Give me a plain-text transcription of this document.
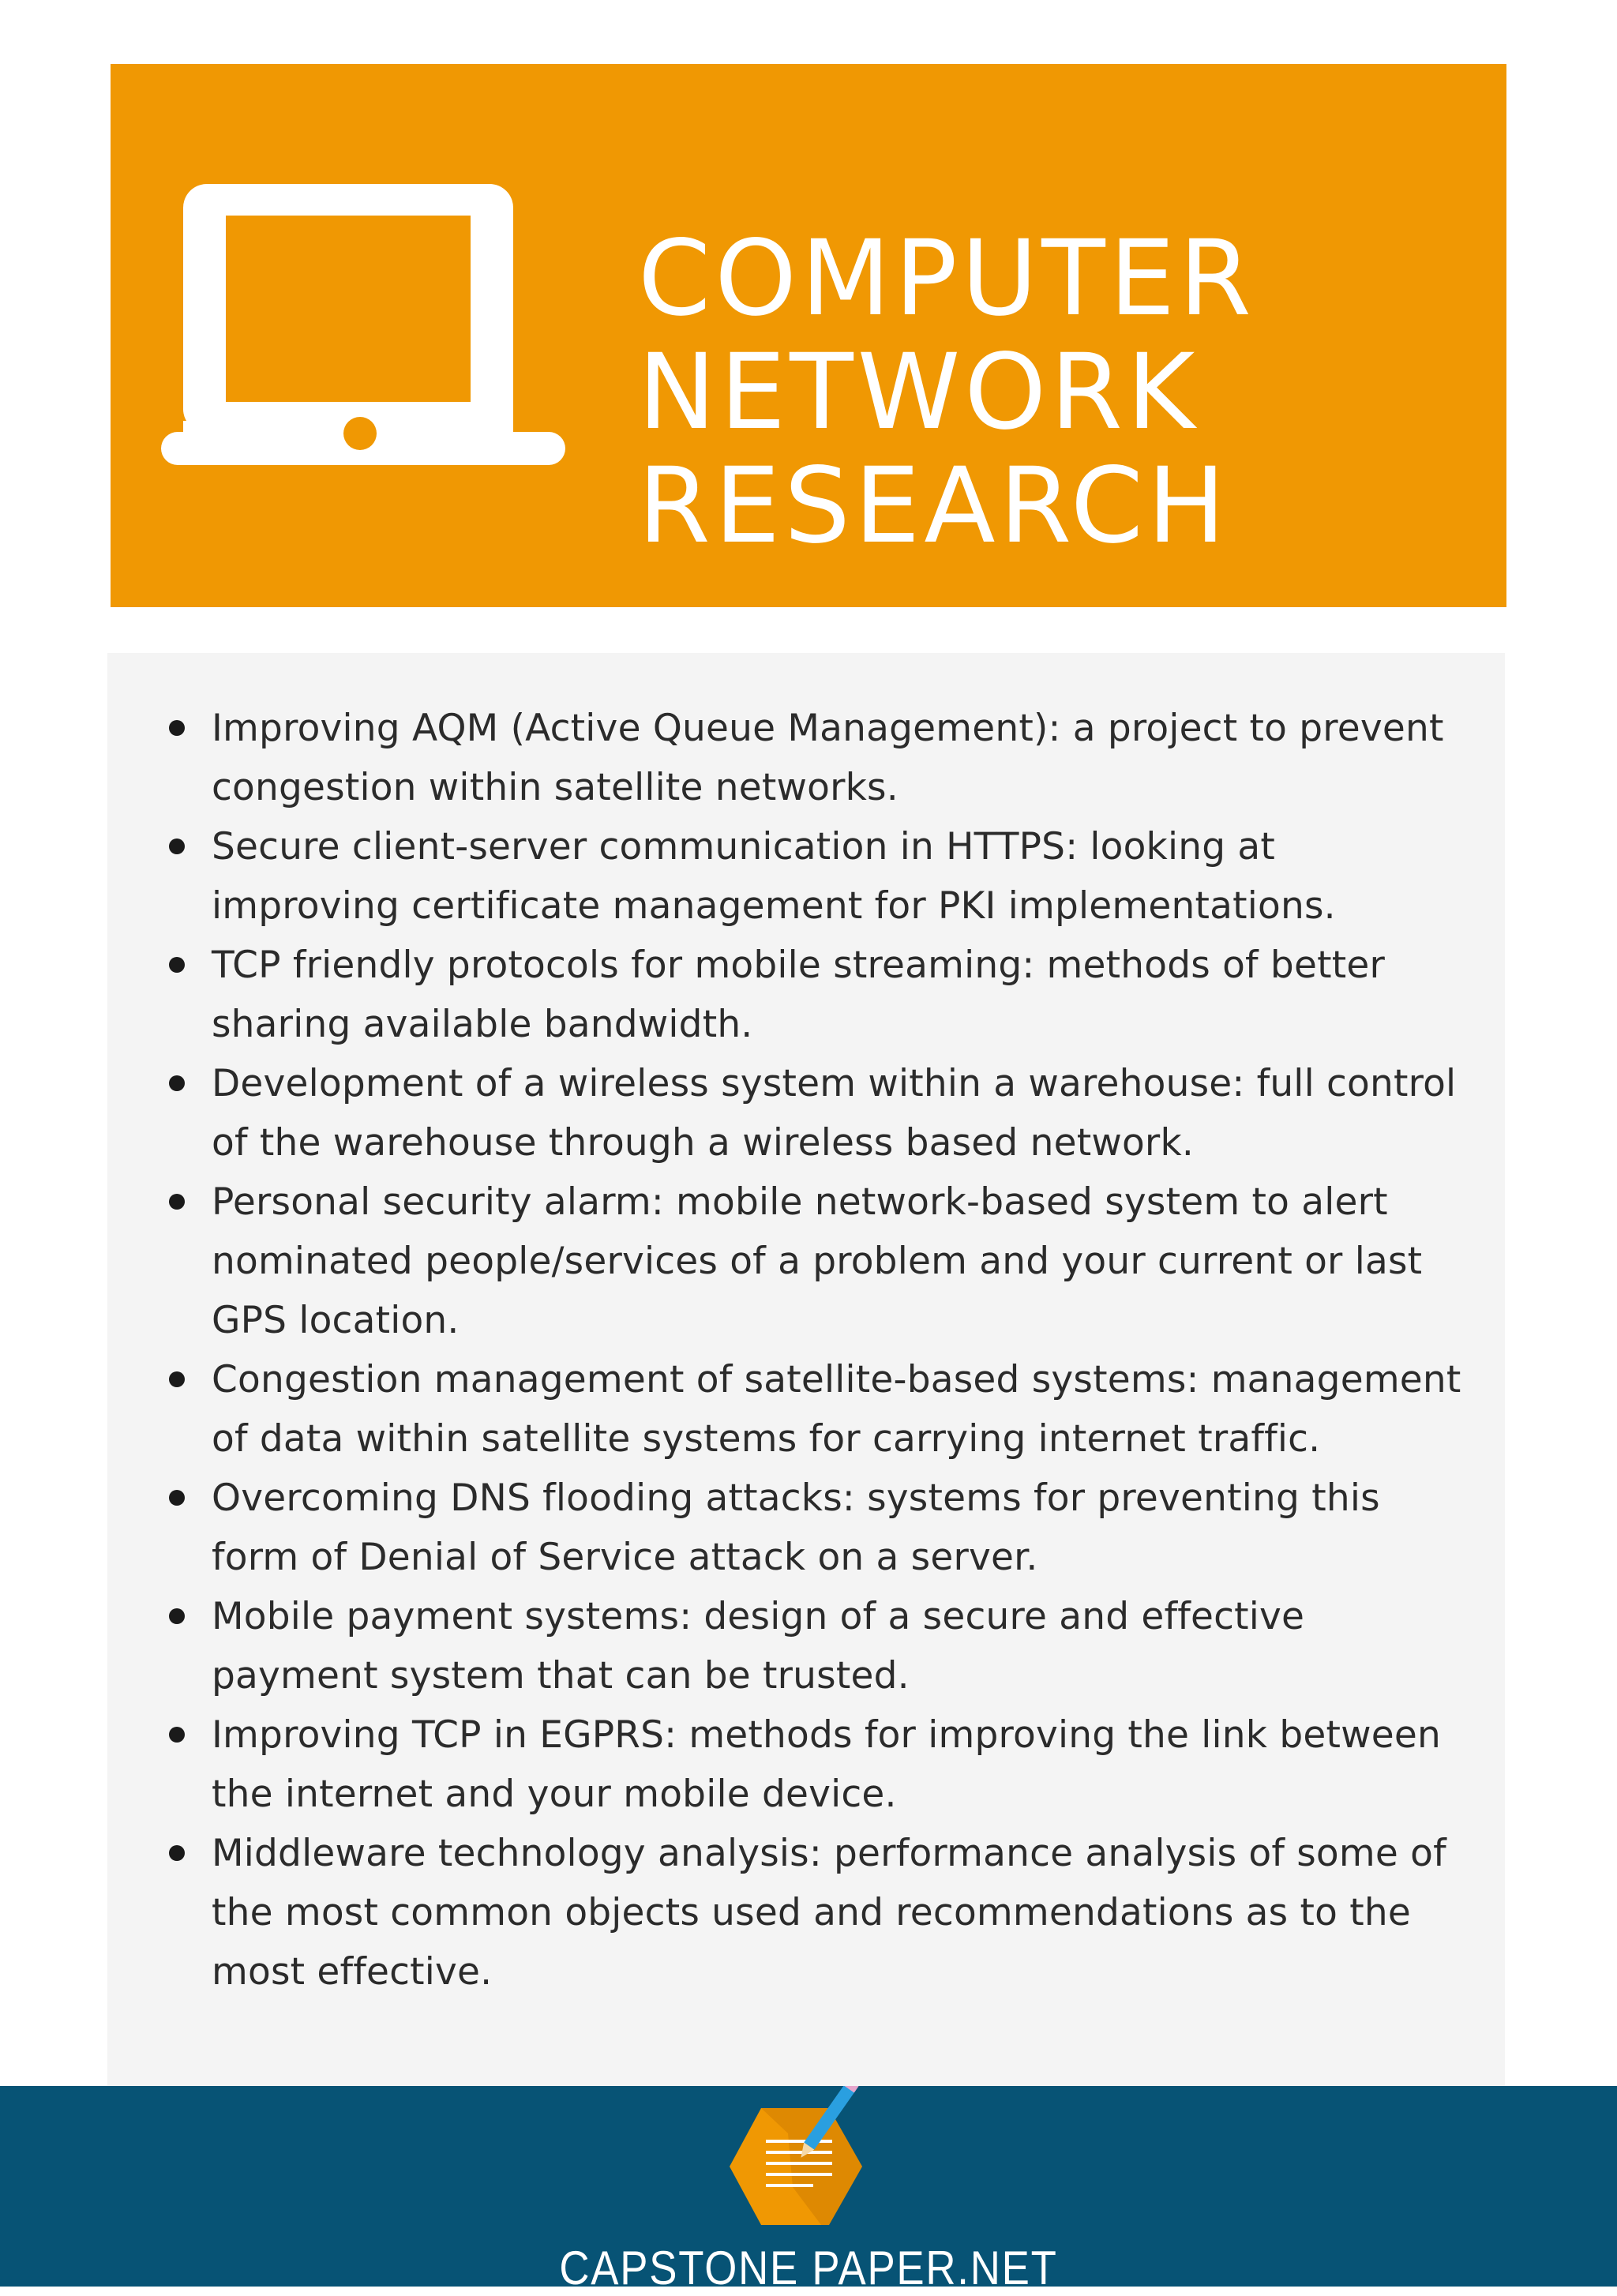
COMPUTER
NETWORK
RESEARCH
Improving AQM (Active Queue Management): a project to prevent congestion within satellite networks.
Secure client-server communication in HTTPS: looking at improving certificate management for PKI implementations.
TCP friendly protocols for mobile streaming: methods of better sharing available bandwidth.
Development of a wireless system within a warehouse: full control of the warehouse through a wireless based network.
Personal security alarm: mobile network-based system to alert nominated people/services of a problem and your current or last GPS location.
Congestion management of satellite-based systems: management of data within satellite systems for carrying internet traffic.
Overcoming DNS flooding attacks: systems for preventing this form of Denial of Service attack on a server.
Mobile payment systems: design of a secure and effective payment system that can be trusted.
Improving TCP in EGPRS: methods for improving the link between the internet and your mobile device.
Middleware technology analysis: performance analysis of some of the most common objects used and recommendations as to the most effective.
CAPSTONE PAPER.NET
